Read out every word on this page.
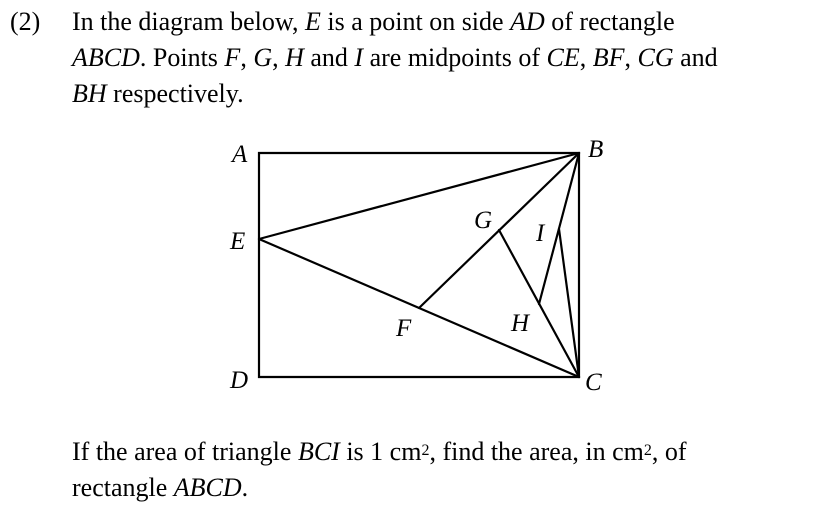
(2) In the diagram below, E is a point on side AD of rectangle

ABCD. Points F, G, H and I are midpoints of CE, BF, CG and

BH respectively.

A	B
C
D
E
F
G
H
I

If the area of triangle BCI is 1 $cm^2$, find the area, in $cm^2$, of

rectangle ABCD.
